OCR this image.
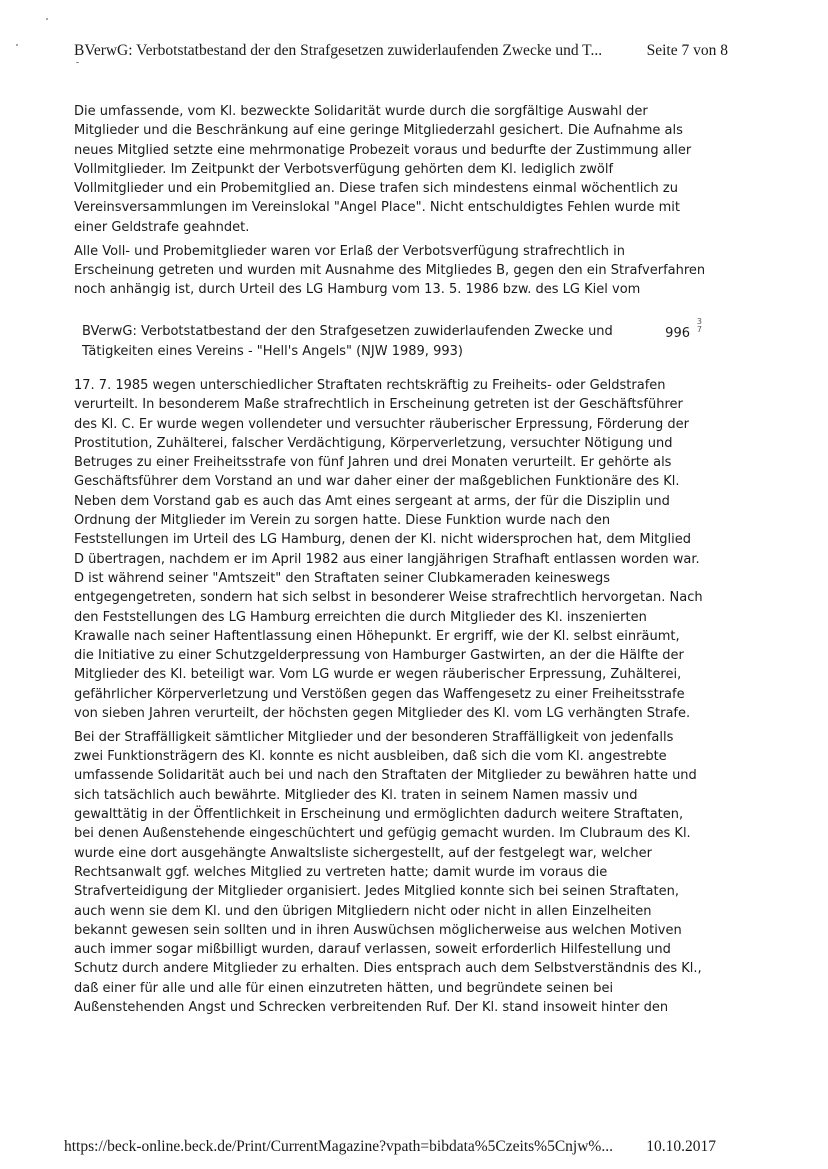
BVerwG: Verbotstatbestand der den Strafgesetzen zuwiderlaufenden Zwecke und T...	Seite 7 von 8

Die umfassende, vom Kl. bezweckte Solidarität wurde durch die sorgfältige Auswahl der
Mitglieder und die Beschränkung auf eine geringe Mitgliederzahl gesichert. Die Aufnahme als
neues Mitglied setzte eine mehrmonatige Probezeit voraus und bedurfte der Zustimmung aller
Vollmitglieder. Im Zeitpunkt der Verbotsverfügung gehörten dem Kl. lediglich zwölf
Vollmitglieder und ein Probemitglied an. Diese trafen sich mindestens einmal wöchentlich zu
Vereinsversammlungen im Vereinslokal "Angel Place". Nicht entschuldigtes Fehlen wurde mit
einer Geldstrafe geahndet.

Alle Voll- und Probemitglieder waren vor Erlaß der Verbotsverfügung strafrechtlich in
Erscheinung getreten und wurden mit Ausnahme des Mitgliedes B, gegen den ein Strafverfahren
noch anhängig ist, durch Urteil des LG Hamburg vom 13. 5. 1986 bzw. des LG Kiel vom

BVerwG: Verbotstatbestand der den Strafgesetzen zuwiderlaufenden Zwecke und
Tätigkeiten eines Vereins - "Hell's Angels" (NJW 1989, 993)
996
3
7

17. 7. 1985 wegen unterschiedlicher Straftaten rechtskräftig zu Freiheits- oder Geldstrafen
verurteilt. In besonderem Maße strafrechtlich in Erscheinung getreten ist der Geschäftsführer
des Kl. C. Er wurde wegen vollendeter und versuchter räuberischer Erpressung, Förderung der
Prostitution, Zuhälterei, falscher Verdächtigung, Körperverletzung, versuchter Nötigung und
Betruges zu einer Freiheitsstrafe von fünf Jahren und drei Monaten verurteilt. Er gehörte als
Geschäftsführer dem Vorstand an und war daher einer der maßgeblichen Funktionäre des Kl.
Neben dem Vorstand gab es auch das Amt eines sergeant at arms, der für die Disziplin und
Ordnung der Mitglieder im Verein zu sorgen hatte. Diese Funktion wurde nach den
Feststellungen im Urteil des LG Hamburg, denen der Kl. nicht widersprochen hat, dem Mitglied
D übertragen, nachdem er im April 1982 aus einer langjährigen Strafhaft entlassen worden war.
D ist während seiner "Amtszeit" den Straftaten seiner Clubkameraden keineswegs
entgegengetreten, sondern hat sich selbst in besonderer Weise strafrechtlich hervorgetan. Nach
den Feststellungen des LG Hamburg erreichten die durch Mitglieder des Kl. inszenierten
Krawalle nach seiner Haftentlassung einen Höhepunkt. Er ergriff, wie der Kl. selbst einräumt,
die Initiative zu einer Schutzgelderpressung von Hamburger Gastwirten, an der die Hälfte der
Mitglieder des Kl. beteiligt war. Vom LG wurde er wegen räuberischer Erpressung, Zuhälterei,
gefährlicher Körperverletzung und Verstößen gegen das Waffengesetz zu einer Freiheitsstrafe
von sieben Jahren verurteilt, der höchsten gegen Mitglieder des Kl. vom LG verhängten Strafe.

Bei der Straffälligkeit sämtlicher Mitglieder und der besonderen Straffälligkeit von jedenfalls
zwei Funktionsträgern des Kl. konnte es nicht ausbleiben, daß sich die vom Kl. angestrebte
umfassende Solidarität auch bei und nach den Straftaten der Mitglieder zu bewähren hatte und
sich tatsächlich auch bewährte. Mitglieder des Kl. traten in seinem Namen massiv und
gewalttätig in der Öffentlichkeit in Erscheinung und ermöglichten dadurch weitere Straftaten,
bei denen Außenstehende eingeschüchtert und gefügig gemacht wurden. Im Clubraum des Kl.
wurde eine dort ausgehängte Anwaltsliste sichergestellt, auf der festgelegt war, welcher
Rechtsanwalt ggf. welches Mitglied zu vertreten hatte; damit wurde im voraus die
Strafverteidigung der Mitglieder organisiert. Jedes Mitglied konnte sich bei seinen Straftaten,
auch wenn sie dem Kl. und den übrigen Mitgliedern nicht oder nicht in allen Einzelheiten
bekannt gewesen sein sollten und in ihren Auswüchsen möglicherweise aus welchen Motiven
auch immer sogar mißbilligt wurden, darauf verlassen, soweit erforderlich Hilfestellung und
Schutz durch andere Mitglieder zu erhalten. Dies entsprach auch dem Selbstverständnis des Kl.,
daß einer für alle und alle für einen einzutreten hätten, und begründete seinen bei
Außenstehenden Angst und Schrecken verbreitenden Ruf. Der Kl. stand insoweit hinter den

https://beck-online.beck.de/Print/CurrentMagazine?vpath=bibdata%5Czeits%5Cnjw%... 10.10.2017
